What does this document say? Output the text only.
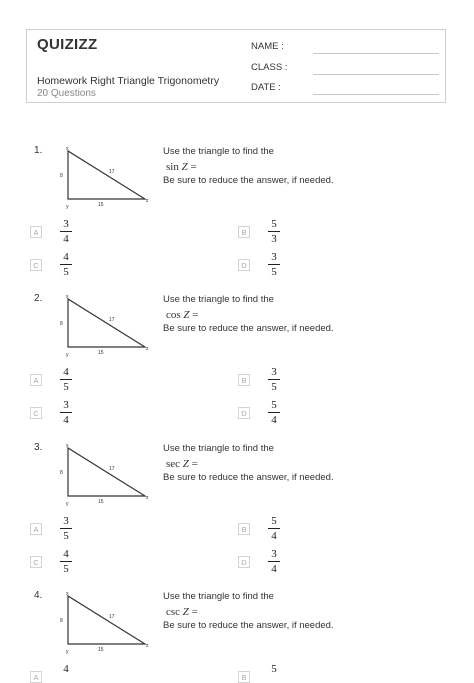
QUIZIZZ
Homework Right Triangle Trigonometry
20 Questions
NAME :
CLASS :
DATE :
1.	x
y
z
17
8
15
Use the triangle to find the
sin Z =
Be sure to reduce the answer, if needed.
A
3
4
B
5
3
C
4
5
D
3
5
2.	x
y
z
17
8
15
Use the triangle to find the
cos Z =
Be sure to reduce the answer, if needed.
A
4
5
B
3
5
C
3
4
D
5
4
3.	x
y
z
17
8
15
Use the triangle to find the
sec Z =
Be sure to reduce the answer, if needed.
A
3
5
B
5
4
C
4
5
D
3
4
4.	x
y
z
17
8
15
Use the triangle to find the
csc Z =
Be sure to reduce the answer, if needed.
A
4
B
5
